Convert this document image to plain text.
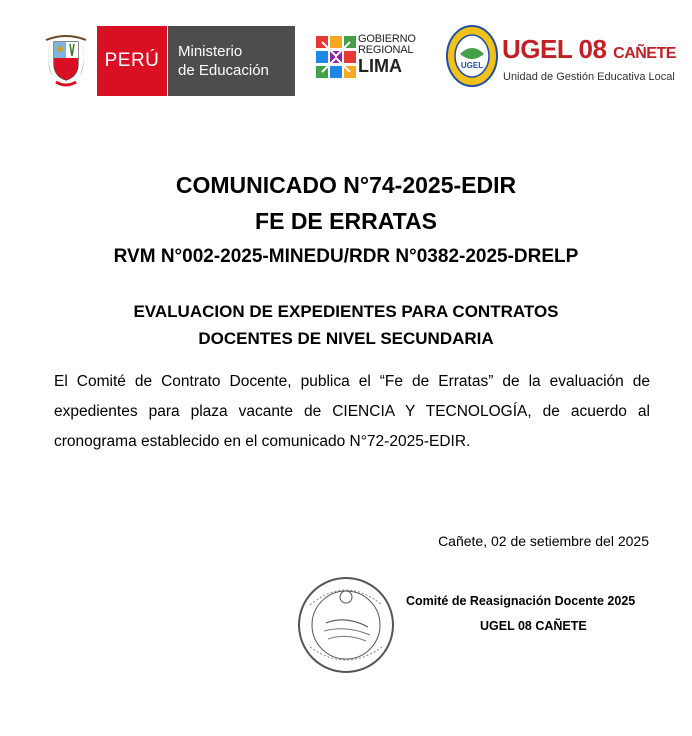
PERÚ Ministerio
de Educación
GOBIERNO
REGIONAL
LIMA	UGEL
UGEL 08 CAÑETE
Unidad de Gestión Educativa Local
COMUNICADO N°74-2025-EDIR
FE DE ERRATAS
RVM N°002-2025-MINEDU/RDR N°0382-2025-DRELP
EVALUACION DE EXPEDIENTES PARA CONTRATOS
DOCENTES DE NIVEL SECUNDARIA

El Comité de Contrato Docente, publica el “Fe de Erratas” de la evaluación de expedientes para plaza vacante de CIENCIA Y TECNOLOGÍA, de acuerdo al cronograma establecido en el comunicado N°72-2025-EDIR.

Cañete, 02 de setiembre del 2025
Comité de Reasignación Docente 2025
UGEL 08 CAÑETE
